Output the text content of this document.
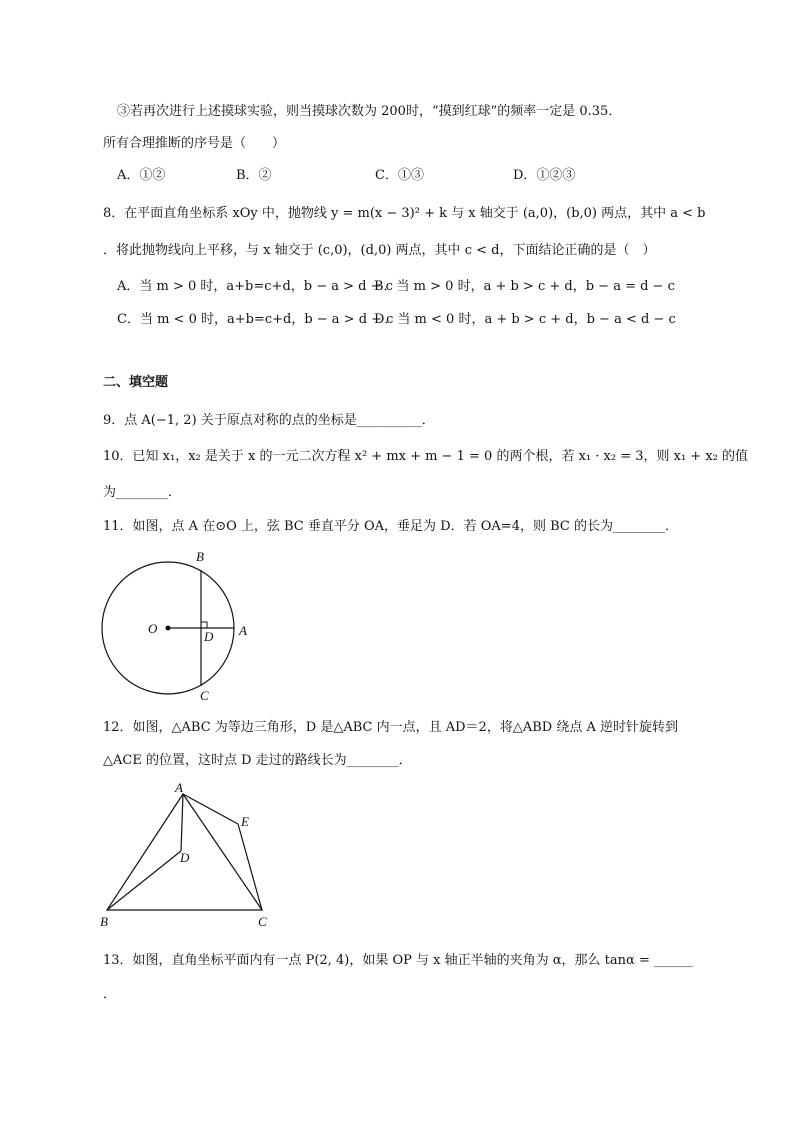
③若再次进行上述摸球实验，则当摸球次数为 200时，“摸到红球”的频率一定是 0.35．
所有合理推断的序号是（　　）
A．①②	B．②	C．①③	D．①②③
8．在平面直角坐标系 xOy 中，抛物线 y = m(x − 3)² + k 与 x 轴交于 (a,0)，(b,0) 两点，其中 a < b
．将此抛物线向上平移，与 x 轴交于 (c,0)，(d,0) 两点，其中 c < d，下面结论正确的是（　）
A．当 m > 0 时，a+b=c+d，b − a > d − c
B．当 m > 0 时，a + b > c + d，b − a = d − c
C．当 m < 0 时，a+b=c+d，b − a > d − c
D．当 m < 0 时，a + b > c + d，b − a < d − c
二、填空题
9．点 A(−1, 2) 关于原点对称的点的坐标是__________．
10．已知 x₁，x₂ 是关于 x 的一元二次方程 x² + mx + m − 1 = 0 的两个根，若 x₁ · x₂ = 3，则 x₁ + x₂ 的值
为________．
11．如图，点 A 在⊙O 上，弦 BC 垂直平分 OA，垂足为 D．若 OA=4，则 BC 的长为________．
B
O
D A
C
12．如图，△ABC 为等边三角形，D 是△ABC 内一点，且 AD＝2，将△ABD 绕点 A 逆时针旋转到
△ACE 的位置，这时点 D 走过的路线长为________．
A
E
D
B	C
13．如图，直角坐标平面内有一点 P(2, 4)，如果 OP 与 x 轴正半轴的夹角为 α，那么 tanα = ______
．
